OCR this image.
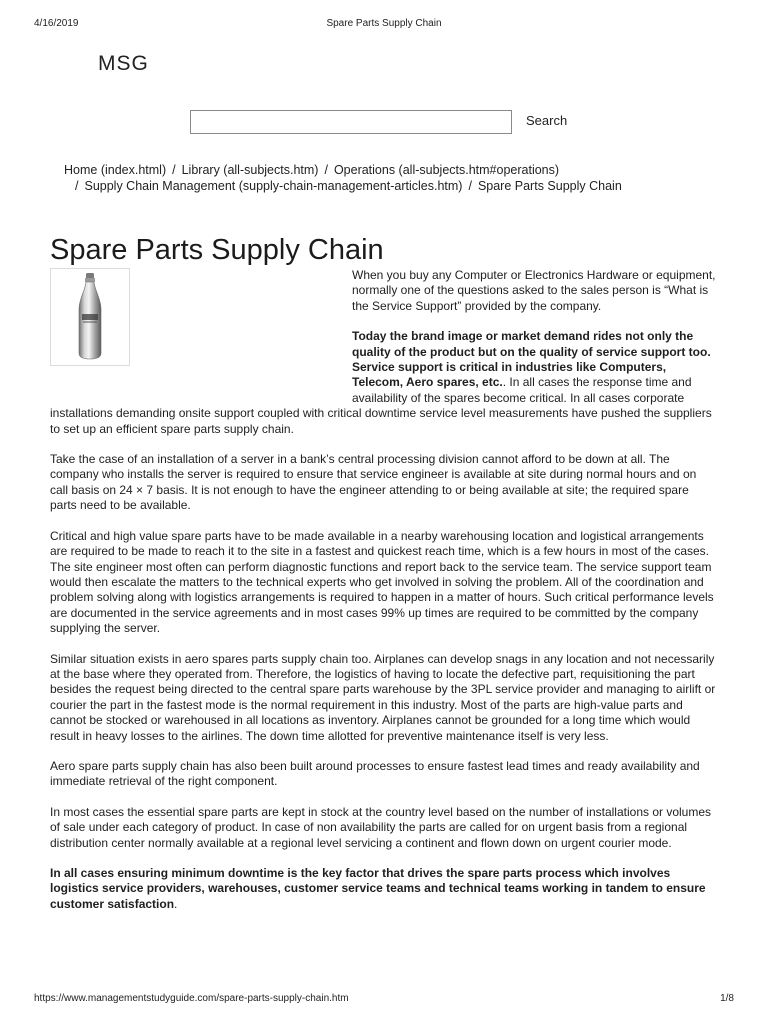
4/16/2019	Spare Parts Supply Chain
MSG
Search
Home (index.html) / Library (all-subjects.htm) / Operations (all-subjects.htm#operations)
/ Supply Chain Management (supply-chain-management-articles.htm) / Spare Parts Supply Chain
Spare Parts Supply Chain

When you buy any Computer or Electronics Hardware or equipment, normally one of the questions asked to the sales person is “What is the Service Support” provided by the company.

Today the brand image or market demand rides not only the quality of the product but on the quality of service support too. Service support is critical in industries like Computers, Telecom, Aero spares, etc.. In all cases the response time and availability of the spares become critical. In all cases corporate installations demanding onsite support coupled with critical downtime service level measurements have pushed the suppliers to set up an efficient spare parts supply chain.

Take the case of an installation of a server in a bank’s central processing division cannot afford to be down at all. The company who installs the server is required to ensure that service engineer is available at site during normal hours and on call basis on 24 × 7 basis. It is not enough to have the engineer attending to or being available at site; the required spare parts need to be available.

Critical and high value spare parts have to be made available in a nearby warehousing location and logistical arrangements are required to be made to reach it to the site in a fastest and quickest reach time, which is a few hours in most of the cases. The site engineer most often can perform diagnostic functions and report back to the service team. The service support team would then escalate the matters to the technical experts who get involved in solving the problem. All of the coordination and problem solving along with logistics arrangements is required to happen in a matter of hours. Such critical performance levels are documented in the service agreements and in most cases 99% up times are required to be committed by the company supplying the server.

Similar situation exists in aero spares parts supply chain too. Airplanes can develop snags in any location and not necessarily at the base where they operated from. Therefore, the logistics of having to locate the defective part, requisitioning the part besides the request being directed to the central spare parts warehouse by the 3PL service provider and managing to airlift or courier the part in the fastest mode is the normal requirement in this industry. Most of the parts are high-value parts and cannot be stocked or warehoused in all locations as inventory. Airplanes cannot be grounded for a long time which would result in heavy losses to the airlines. The down time allotted for preventive maintenance itself is very less.

Aero spare parts supply chain has also been built around processes to ensure fastest lead times and ready availability and immediate retrieval of the right component.

In most cases the essential spare parts are kept in stock at the country level based on the number of installations or volumes of sale under each category of product. In case of non availability the parts are called for on urgent basis from a regional distribution center normally available at a regional level servicing a continent and flown down on urgent courier mode.

In all cases ensuring minimum downtime is the key factor that drives the spare parts process which involves logistics service providers, warehouses, customer service teams and technical teams working in tandem to ensure customer satisfaction.

https://www.managementstudyguide.com/spare-parts-supply-chain.htm	1/8
